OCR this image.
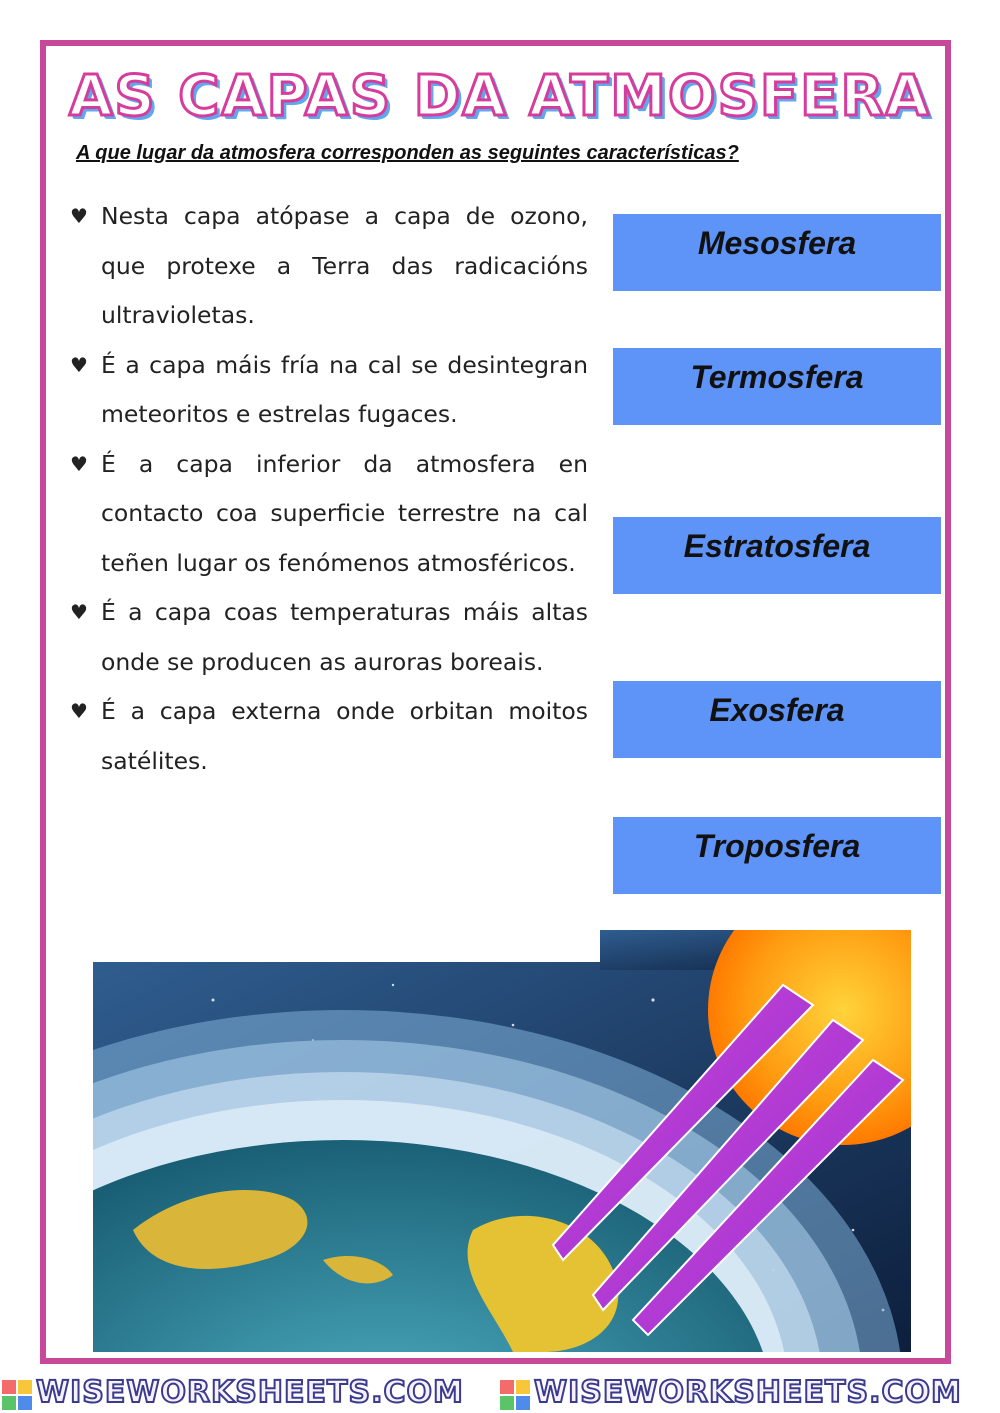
AS CAPAS DA ATMOSFERA
A que lugar da atmosfera corresponden as seguintes características?
♥ Nesta capa atópase a capa de ozono, que protexe a Terra das radicacións ultravioletas.
♥ É a capa máis fría na cal se desintegran meteoritos e estrelas fugaces.
♥ É a capa inferior da atmosfera en contacto coa superficie terrestre na cal teñen lugar os fenómenos atmosféricos.
♥ É a capa coas temperaturas máis altas onde se producen as auroras boreais.
♥ É a capa externa onde orbitan moitos satélites.
Mesosfera
Termosfera
Estratosfera
Exosfera
Troposfera
WISEWORKSHEETS.COM WISEWORKSHEETS.COM
